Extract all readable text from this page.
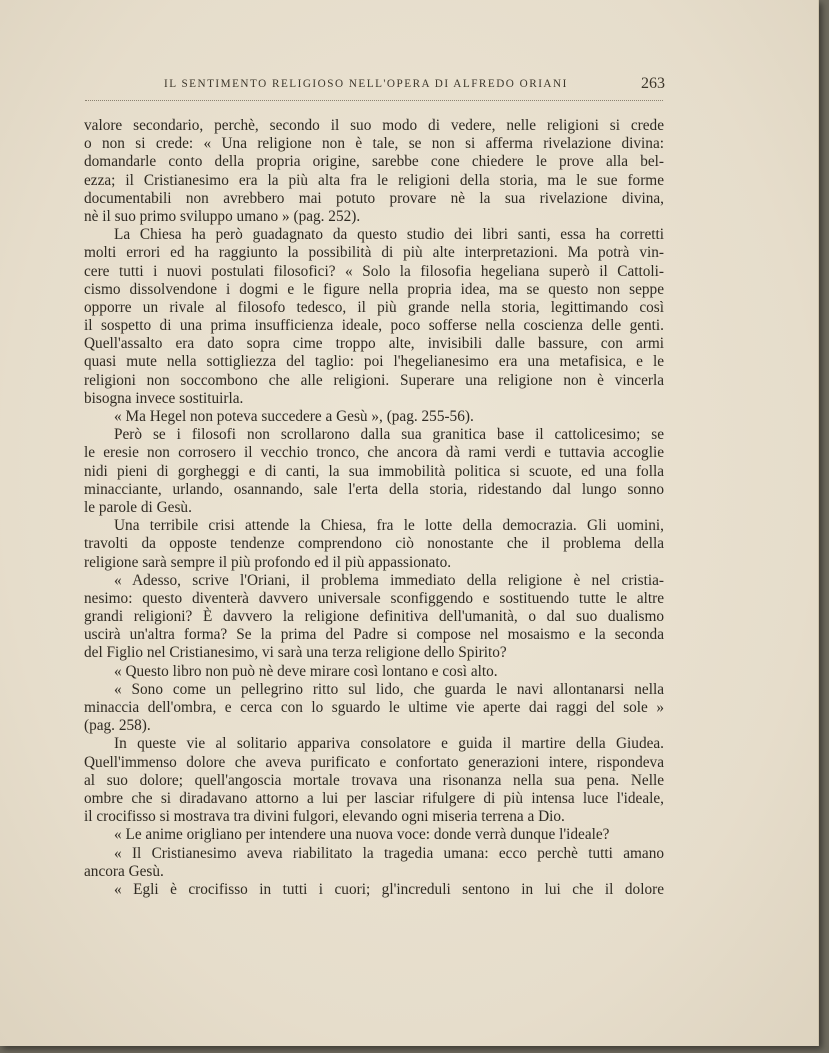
IL SENTIMENTO RELIGIOSO NELL'OPERA DI ALFREDO ORIANI	263
valore secondario, perchè, secondo il suo modo di vedere, nelle religioni si crede
o non si crede: « Una religione non è tale, se non si afferma rivelazione divina:
domandarle conto della propria origine, sarebbe cone chiedere le prove alla bel-
ezza; il Cristianesimo era la più alta fra le religioni della storia, ma le sue forme
documentabili non avrebbero mai potuto provare nè la sua rivelazione divina,
nè il suo primo sviluppo umano » (pag. 252).
La Chiesa ha però guadagnato da questo studio dei libri santi, essa ha corretti
molti errori ed ha raggiunto la possibilità di più alte interpretazioni. Ma potrà vin-
cere tutti i nuovi postulati filosofici? « Solo la filosofia hegeliana superò il Cattoli-
cismo dissolvendone i dogmi e le figure nella propria idea, ma se questo non seppe
opporre un rivale al filosofo tedesco, il più grande nella storia, legittimando così
il sospetto di una prima insufficienza ideale, poco sofferse nella coscienza delle genti.
Quell'assalto era dato sopra cime troppo alte, invisibili dalle bassure, con armi
quasi mute nella sottigliezza del taglio: poi l'hegelianesimo era una metafisica, e le
religioni non soccombono che alle religioni. Superare una religione non è vincerla
bisogna invece sostituirla.
« Ma Hegel non poteva succedere a Gesù », (pag. 255-56).
Però se i filosofi non scrollarono dalla sua granitica base il cattolicesimo; se
le eresie non corrosero il vecchio tronco, che ancora dà rami verdi e tuttavia accoglie
nidi pieni di gorgheggi e di canti, la sua immobilità politica si scuote, ed una folla
minacciante, urlando, osannando, sale l'erta della storia, ridestando dal lungo sonno
le parole di Gesù.
Una terribile crisi attende la Chiesa, fra le lotte della democrazia. Gli uomini,
travolti da opposte tendenze comprendono ciò nonostante che il problema della
religione sarà sempre il più profondo ed il più appassionato.
« Adesso, scrive l'Oriani, il problema immediato della religione è nel cristia-
nesimo: questo diventerà davvero universale sconfiggendo e sostituendo tutte le altre
grandi religioni? È davvero la religione definitiva dell'umanità, o dal suo dualismo
uscirà un'altra forma? Se la prima del Padre si compose nel mosaismo e la seconda
del Figlio nel Cristianesimo, vi sarà una terza religione dello Spirito?
« Questo libro non può nè deve mirare così lontano e così alto.
« Sono come un pellegrino ritto sul lido, che guarda le navi allontanarsi nella
minaccia dell'ombra, e cerca con lo sguardo le ultime vie aperte dai raggi del sole »
(pag. 258).
In queste vie al solitario appariva consolatore e guida il martire della Giudea.
Quell'immenso dolore che aveva purificato e confortato generazioni intere, rispondeva
al suo dolore; quell'angoscia mortale trovava una risonanza nella sua pena. Nelle
ombre che si diradavano attorno a lui per lasciar rifulgere di più intensa luce l'ideale,
il crocifisso si mostrava tra divini fulgori, elevando ogni miseria terrena a Dio.
« Le anime origliano per intendere una nuova voce: donde verrà dunque l'ideale?
« Il Cristianesimo aveva riabilitato la tragedia umana: ecco perchè tutti amano
ancora Gesù.
« Egli è crocifisso in tutti i cuori; gl'increduli sentono in lui che il dolore
